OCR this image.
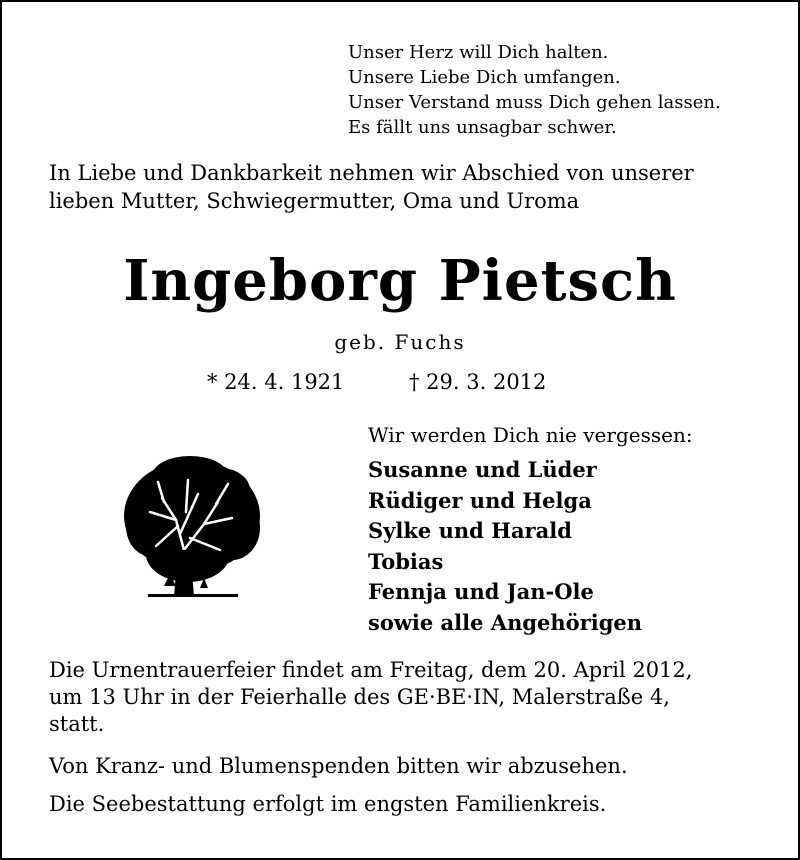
Unser Herz will Dich halten.
Unsere Liebe Dich umfangen.
Unser Verstand muss Dich gehen lassen.
Es fällt uns unsagbar schwer.
In Liebe und Dankbarkeit nehmen wir Abschied von unserer
lieben Mutter, Schwiegermutter, Oma und Uroma
Ingeborg Pietsch
geb. Fuchs
* 24. 4. 1921	† 29. 3. 2012
Wir werden Dich nie vergessen:
Susanne und Lüder
Rüdiger und Helga
Sylke und Harald
Tobias
Fennja und Jan-Ole
sowie alle Angehörigen
Die Urnentrauerfeier findet am Freitag, dem 20. April 2012,
um 13 Uhr in der Feierhalle des GE·BE·IN, Malerstraße 4,
statt.
Von Kranz- und Blumenspenden bitten wir abzusehen.
Die Seebestattung erfolgt im engsten Familienkreis.
